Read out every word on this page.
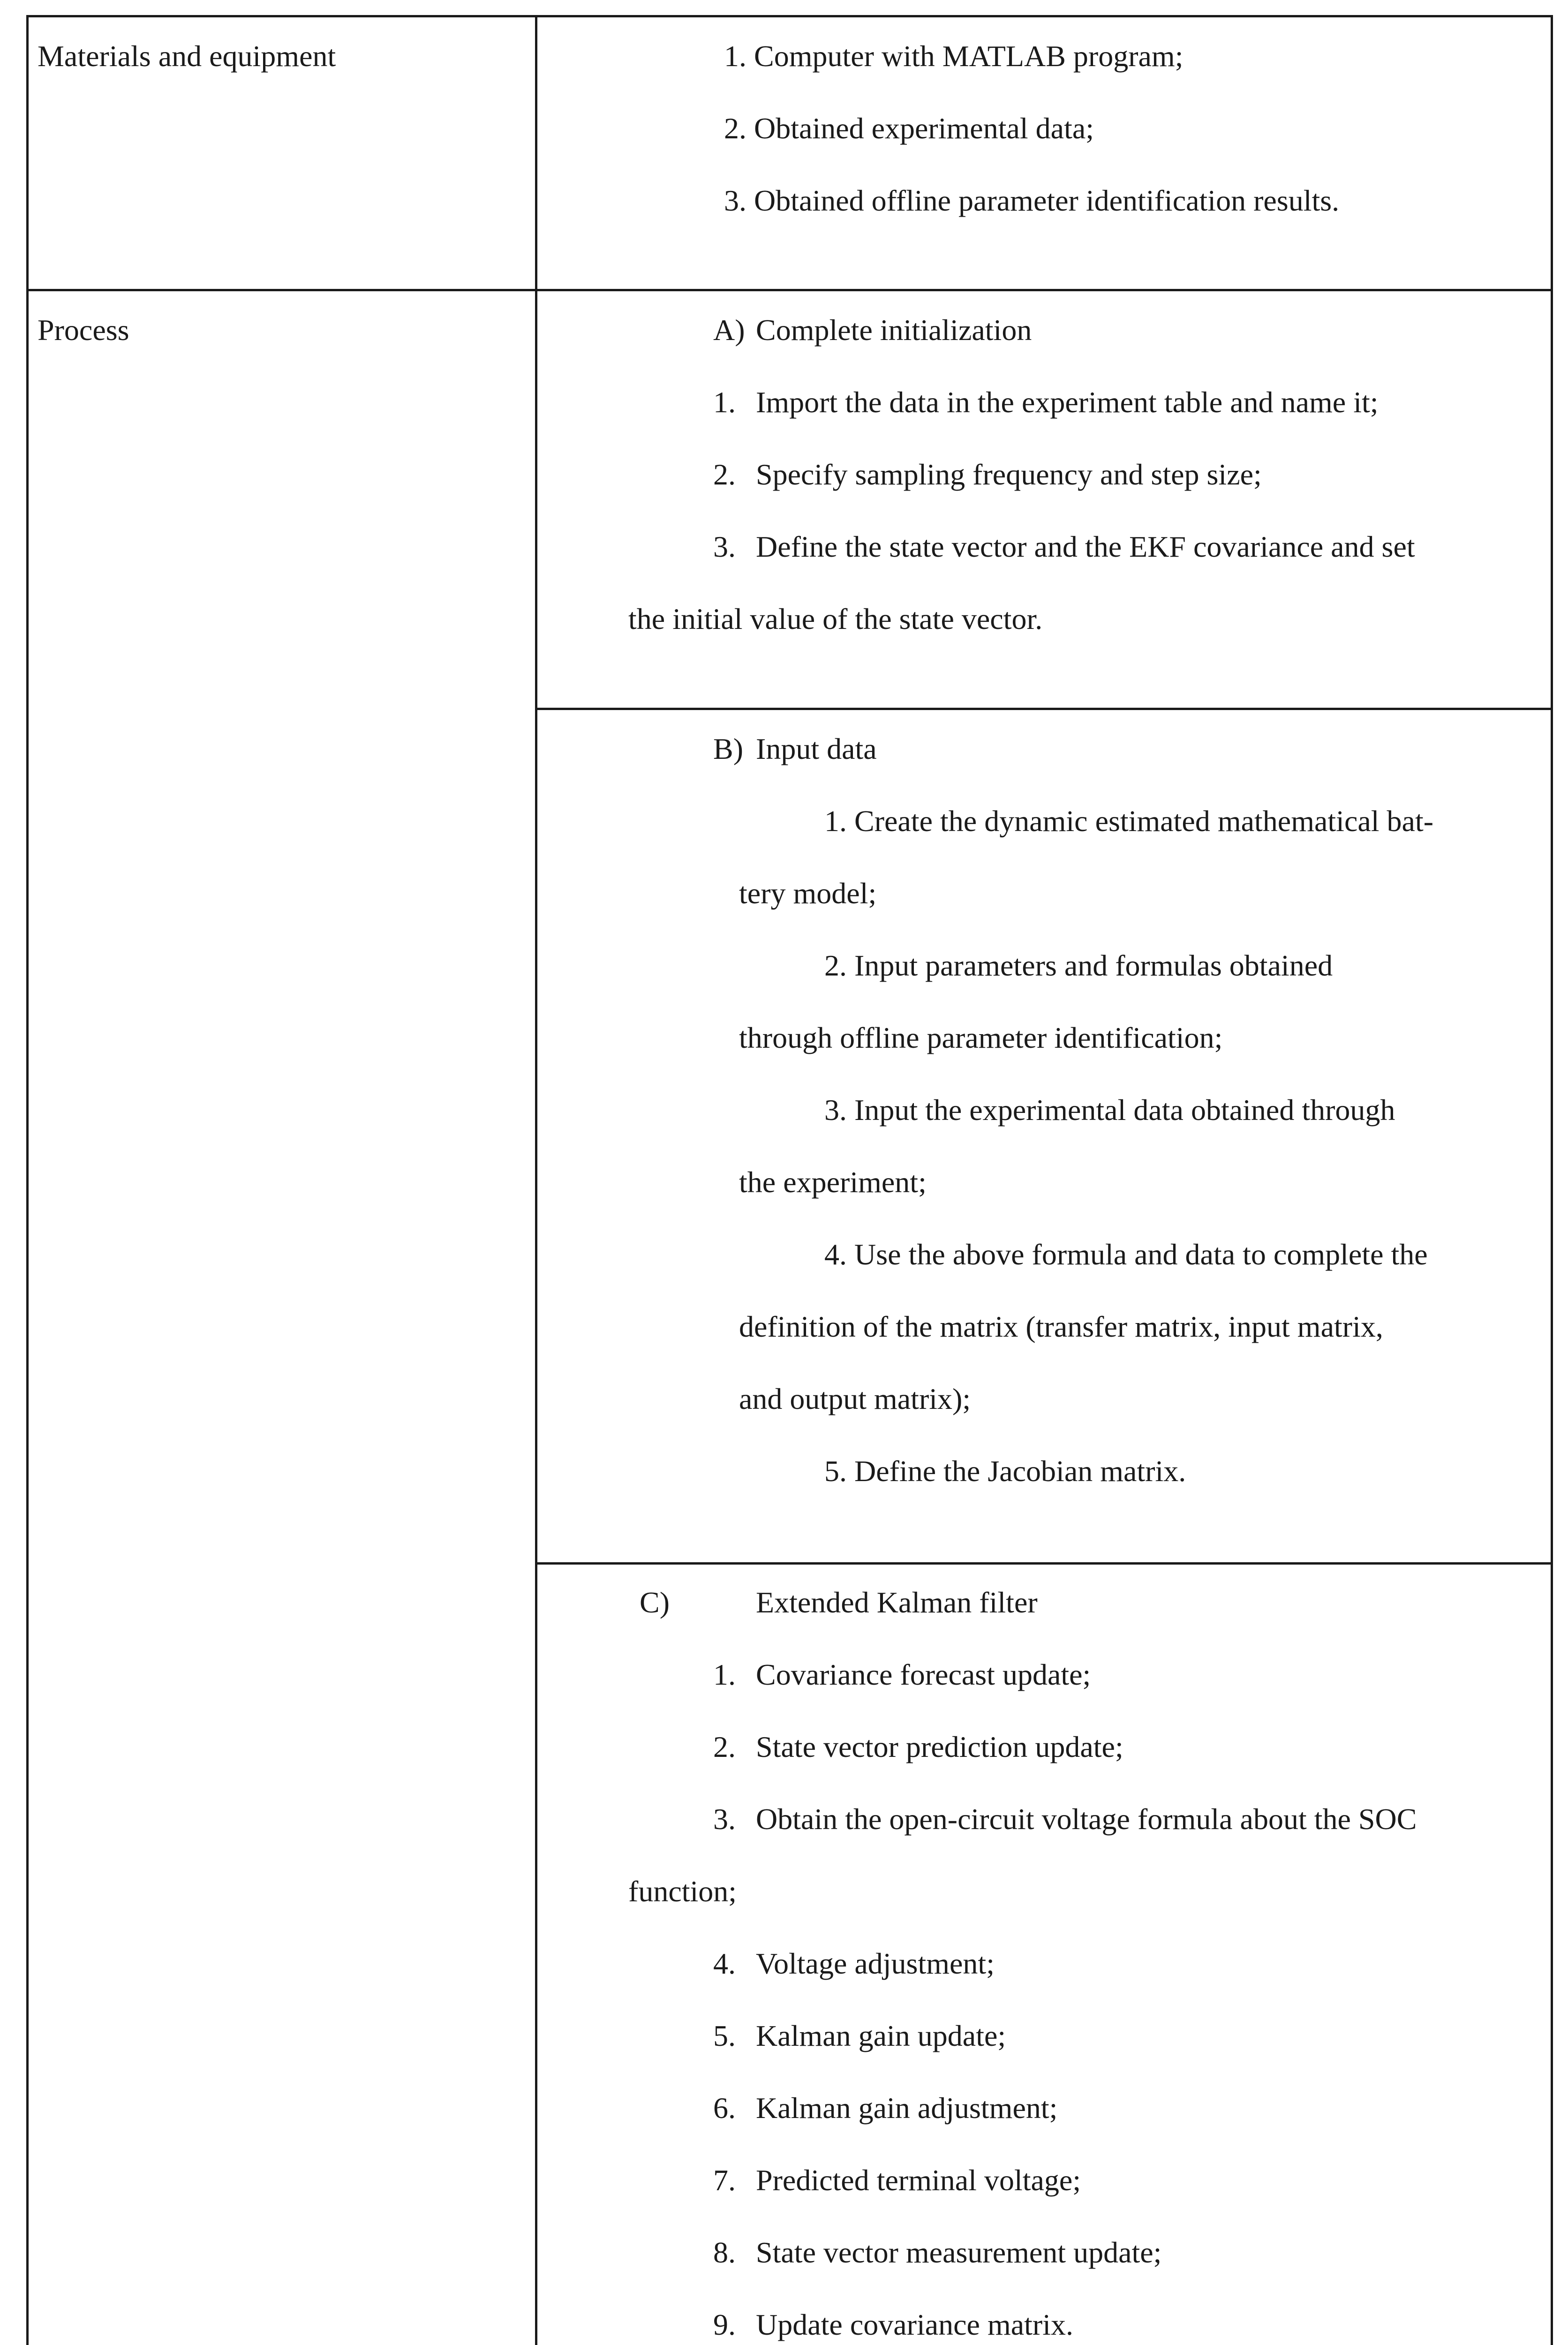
Materials and equipment	1. Computer with MATLAB program;
2. Obtained experimental data;
3. Obtained offline parameter identification results.
Process	A) Complete initialization
1. Import the data in the experiment table and name it;
2. Specify sampling frequency and step size;
3. Define the state vector and the EKF covariance and set
the initial value of the state vector.
B) Input data
1. Create the dynamic estimated mathematical bat-
tery model;
2. Input parameters and formulas obtained
through offline parameter identification;
3. Input the experimental data obtained through
the experiment;
4. Use the above formula and data to complete the
definition of the matrix (transfer matrix, input matrix,
and output matrix);
5. Define the Jacobian matrix.
C)	Extended Kalman filter
1. Covariance forecast update;
2. State vector prediction update;
3. Obtain the open-circuit voltage formula about the SOC
function;
4. Voltage adjustment;
5. Kalman gain update;
6. Kalman gain adjustment;
7. Predicted terminal voltage;
8. State vector measurement update;
9. Update covariance matrix.
